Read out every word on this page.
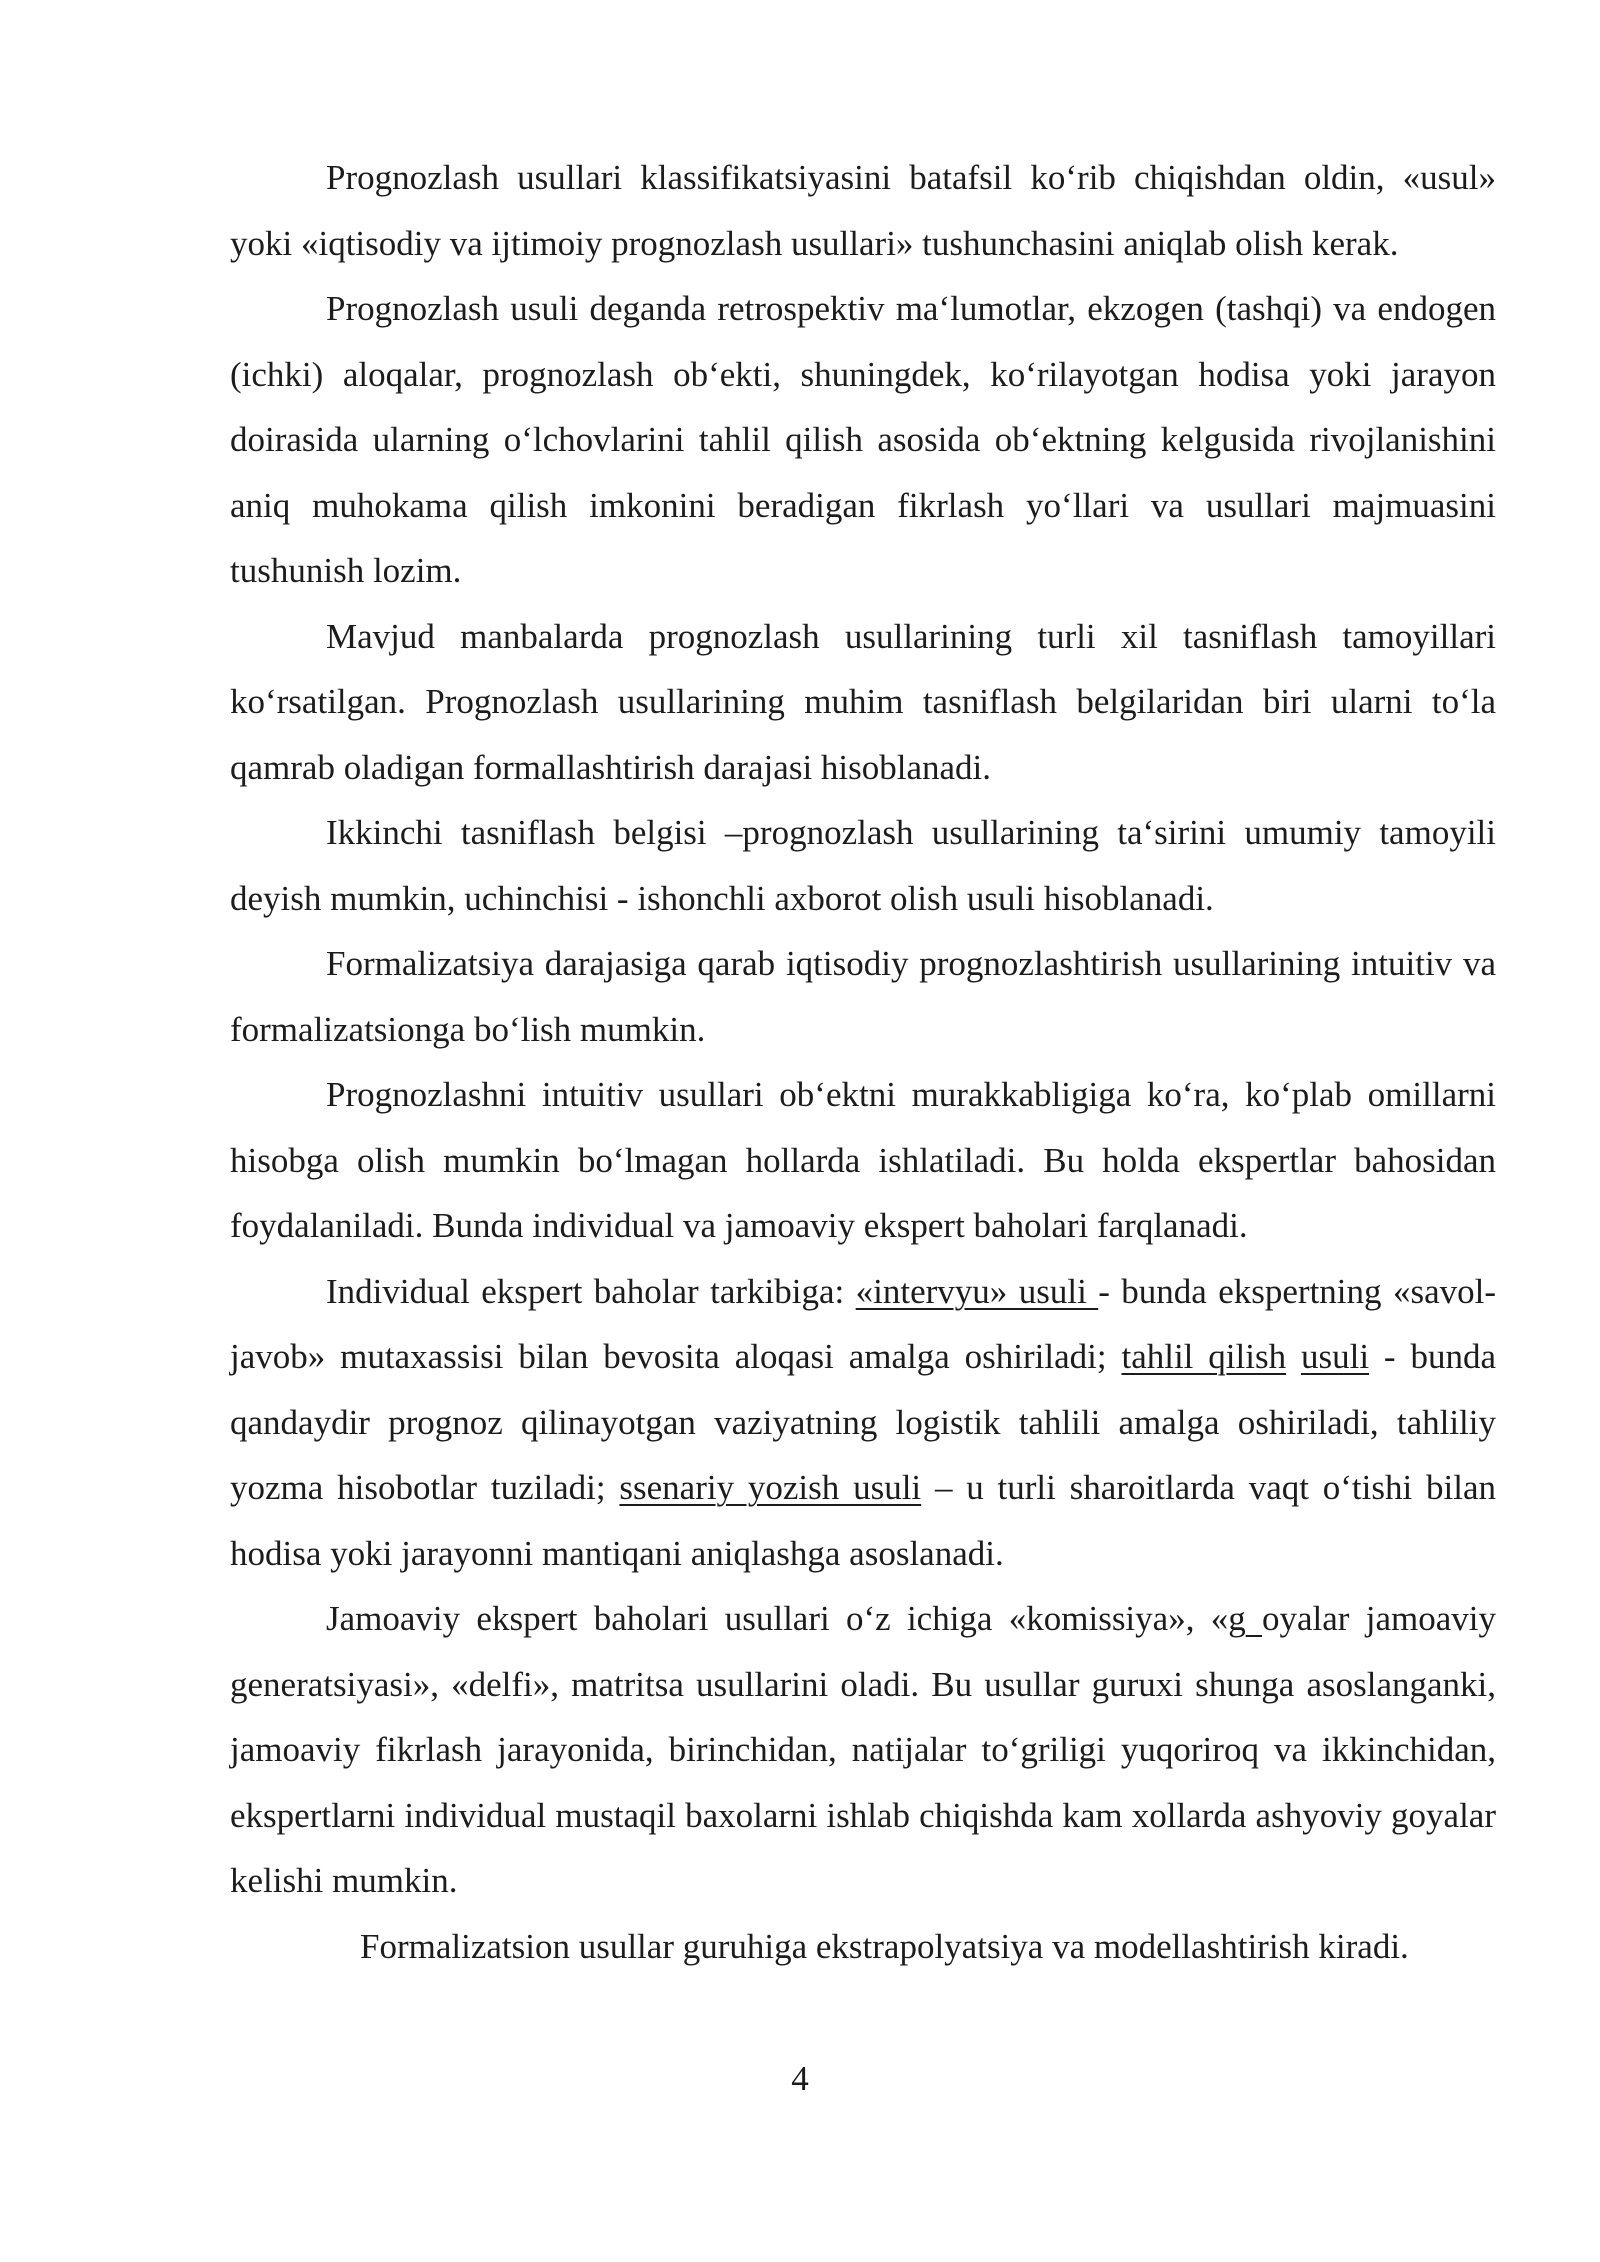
Prognozlash usullari klassifikatsiyasini batafsil ko‘rib chiqishdan oldin, «usul» yoki «iqtisodiy va ijtimoiy prognozlash usullari» tushunchasini aniqlab olish kerak.

Prognozlash usuli deganda retrospektiv ma‘lumotlar, ekzogen (tashqi) va endogen (ichki) aloqalar, prognozlash ob‘ekti, shuningdek, ko‘rilayotgan hodisa yoki jarayon doirasida ularning o‘lchovlarini tahlil qilish asosida ob‘ektning kelgusida rivojlanishini aniq muhokama qilish imkonini beradigan fikrlash yo‘llari va usullari majmuasini tushunish lozim.

Mavjud manbalarda prognozlash usullarining turli xil tasniflash tamoyillari ko‘rsatilgan. Prognozlash usullarining muhim tasniflash belgilaridan biri ularni to‘la qamrab oladigan formallashtirish darajasi hisoblanadi.

Ikkinchi tasniflash belgisi –prognozlash usullarining ta‘sirini umumiy tamoyili deyish mumkin, uchinchisi - ishonchli axborot olish usuli hisoblanadi.

Formalizatsiya darajasiga qarab iqtisodiy prognozlashtirish usullarining intuitiv va formalizatsionga bo‘lish mumkin.

Prognozlashni intuitiv usullari ob‘ektni murakkabligiga ko‘ra, ko‘plab omillarni hisobga olish mumkin bo‘lmagan hollarda ishlatiladi. Bu holda ekspertlar bahosidan foydalaniladi. Bunda individual va jamoaviy ekspert baholari farqlanadi.

Individual ekspert baholar tarkibiga: «intervyu» usuli - bunda ekspertning «savol-javob» mutaxassisi bilan bevosita aloqasi amalga oshiriladi; tahlil qilish usuli - bunda qandaydir prognoz qilinayotgan vaziyatning logistik tahlili amalga oshiriladi, tahliliy yozma hisobotlar tuziladi; ssenariy yozish usuli – u turli sharoitlarda vaqt o‘tishi bilan hodisa yoki jarayonni mantiqani aniqlashga asoslanadi.

Jamoaviy ekspert baholari usullari o‘z ichiga «komissiya», «g oyalar jamoaviy generatsiyasi», «delfi», matritsa usullarini oladi. Bu usullar guruxi shunga asoslanganki, jamoaviy fikrlash jarayonida, birinchidan, natijalar to‘griligi yuqoriroq va ikkinchidan, ekspertlarni individual mustaqil baxolarni ishlab chiqishda kam xollarda ashyoviy goyalar kelishi mumkin.

Formalizatsion usullar guruhiga ekstrapolyatsiya va modellashtirish kiradi.

4
